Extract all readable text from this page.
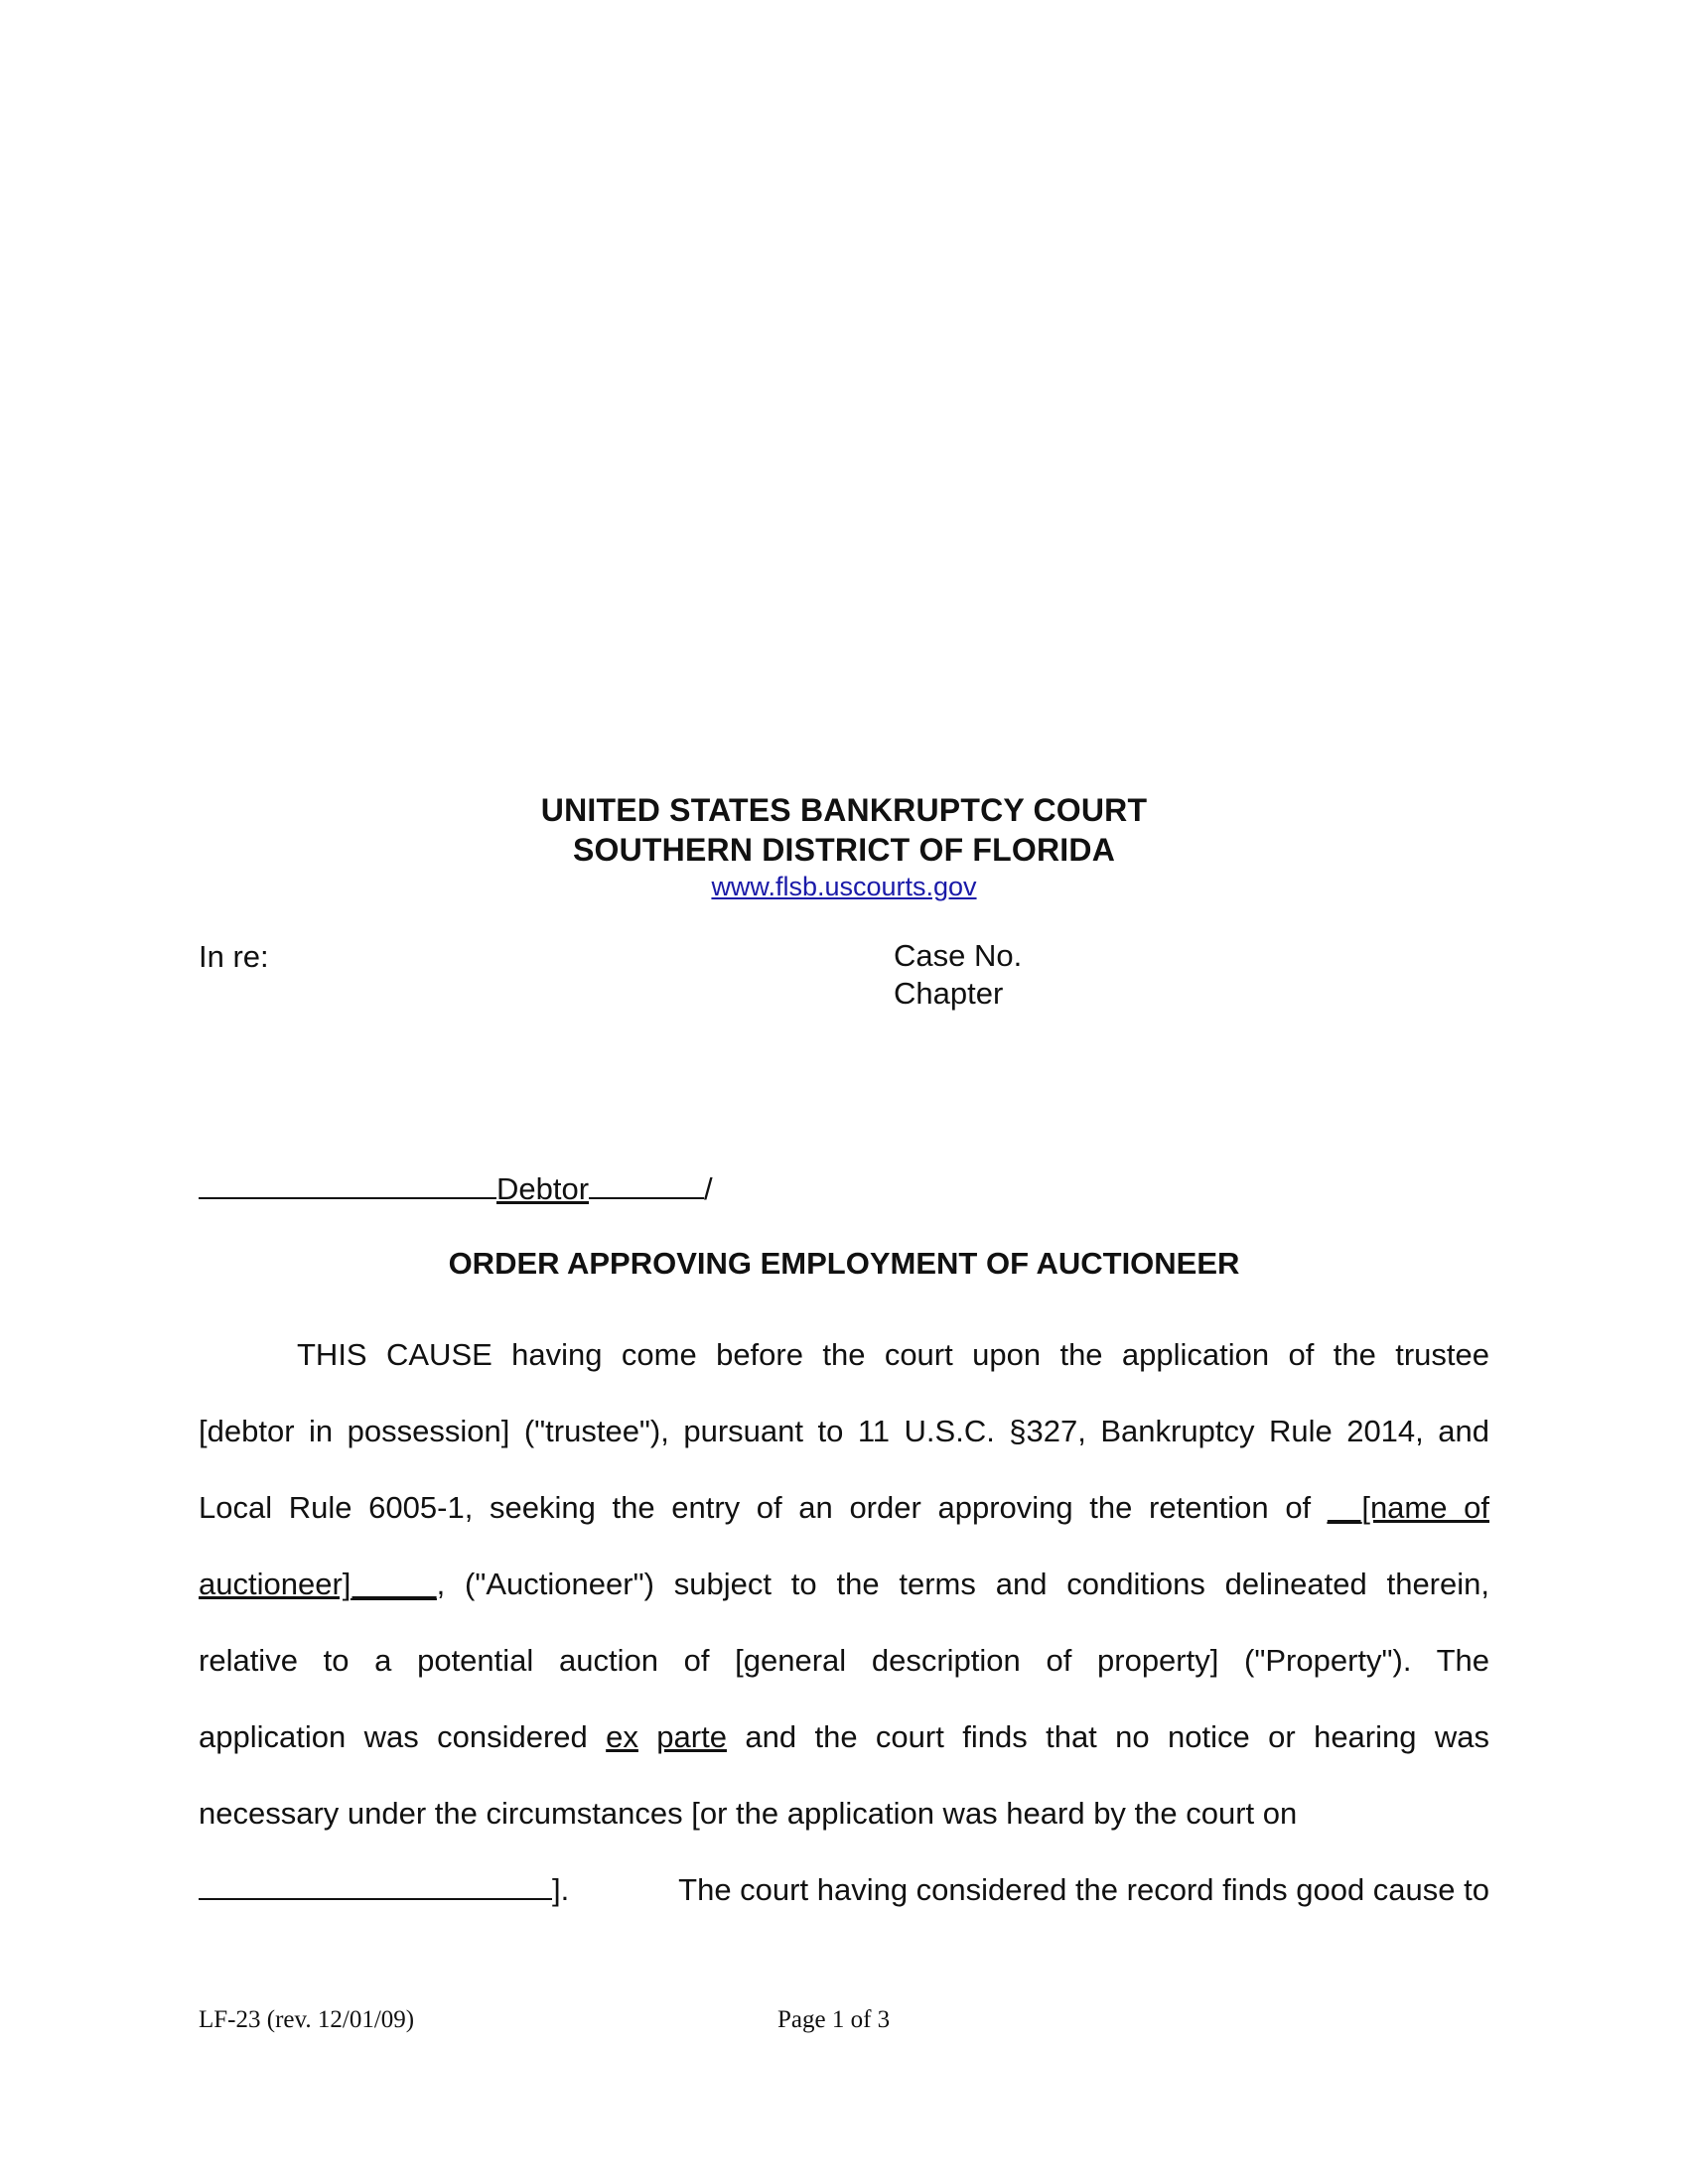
UNITED STATES BANKRUPTCY COURT
SOUTHERN DISTRICT OF FLORIDA
www.flsb.uscourts.gov
In re:	Case No.
Chapter
Debtor	/
ORDER APPROVING EMPLOYMENT OF AUCTIONEER
THIS CAUSE having come before the court upon the application of the trustee
[debtor in possession] ("trustee"), pursuant to 11 U.S.C. §327, Bankruptcy Rule 2014, and
Local Rule 6005-1, seeking the entry of an order approving the retention of __[name of
auctioneer]_____, ("Auctioneer") subject to the terms and conditions delineated therein,
relative to a potential auction of [general description of property] ("Property"). The
application was considered ex parte and the court finds that no notice or hearing was
necessary under the circumstances [or the application was heard by the court on
].	The court having considered the record finds good cause to
LF-23 (rev. 12/01/09)	Page 1 of 3
